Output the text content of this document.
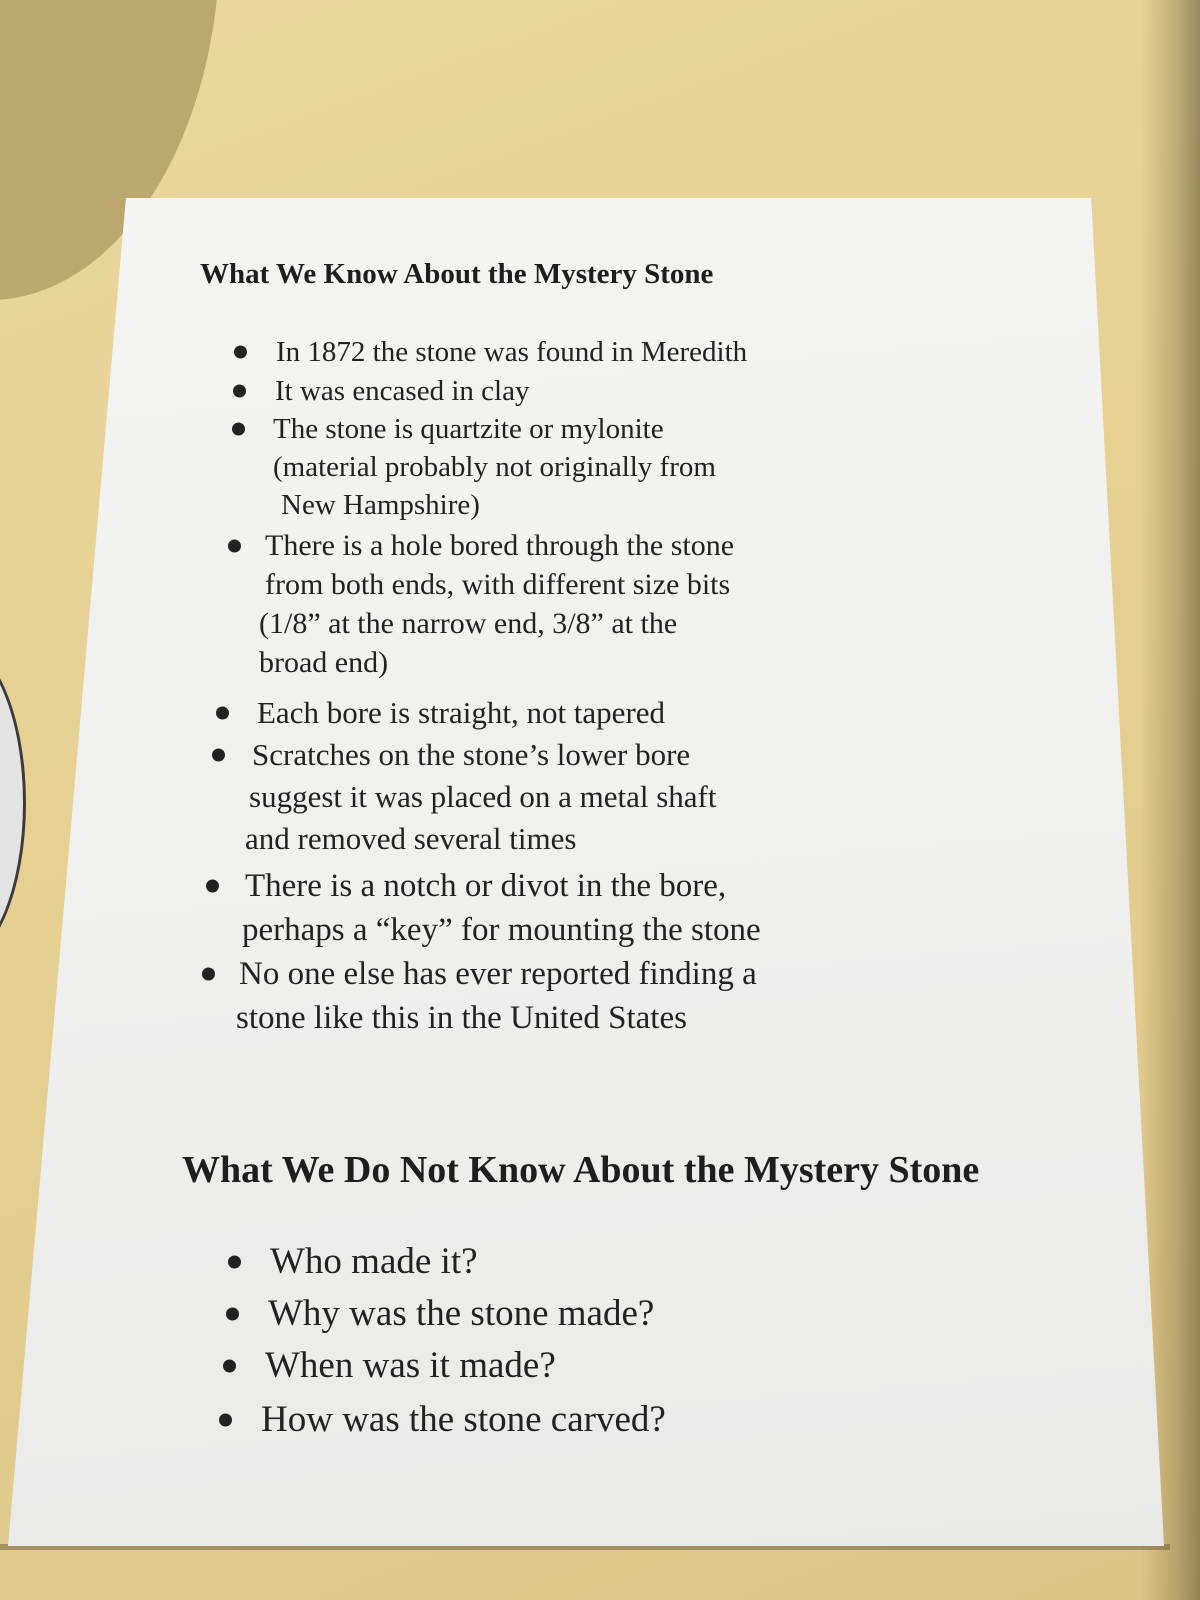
What We Know About the Mystery Stone
In 1872 the stone was found in Meredith
It was encased in clay
The stone is quartzite or mylonite
(material probably not originally from
New Hampshire)
There is a hole bored through the stone
from both ends, with different size bits
(1/8” at the narrow end, 3/8” at the
broad end)
Each bore is straight, not tapered
Scratches on the stone’s lower bore
suggest it was placed on a metal shaft
and removed several times
There is a notch or divot in the bore,
perhaps a “key” for mounting the stone
No one else has ever reported finding a
stone like this in the United States
What We Do Not Know About the Mystery Stone
Who made it?
Why was the stone made?
When was it made?
How was the stone carved?
